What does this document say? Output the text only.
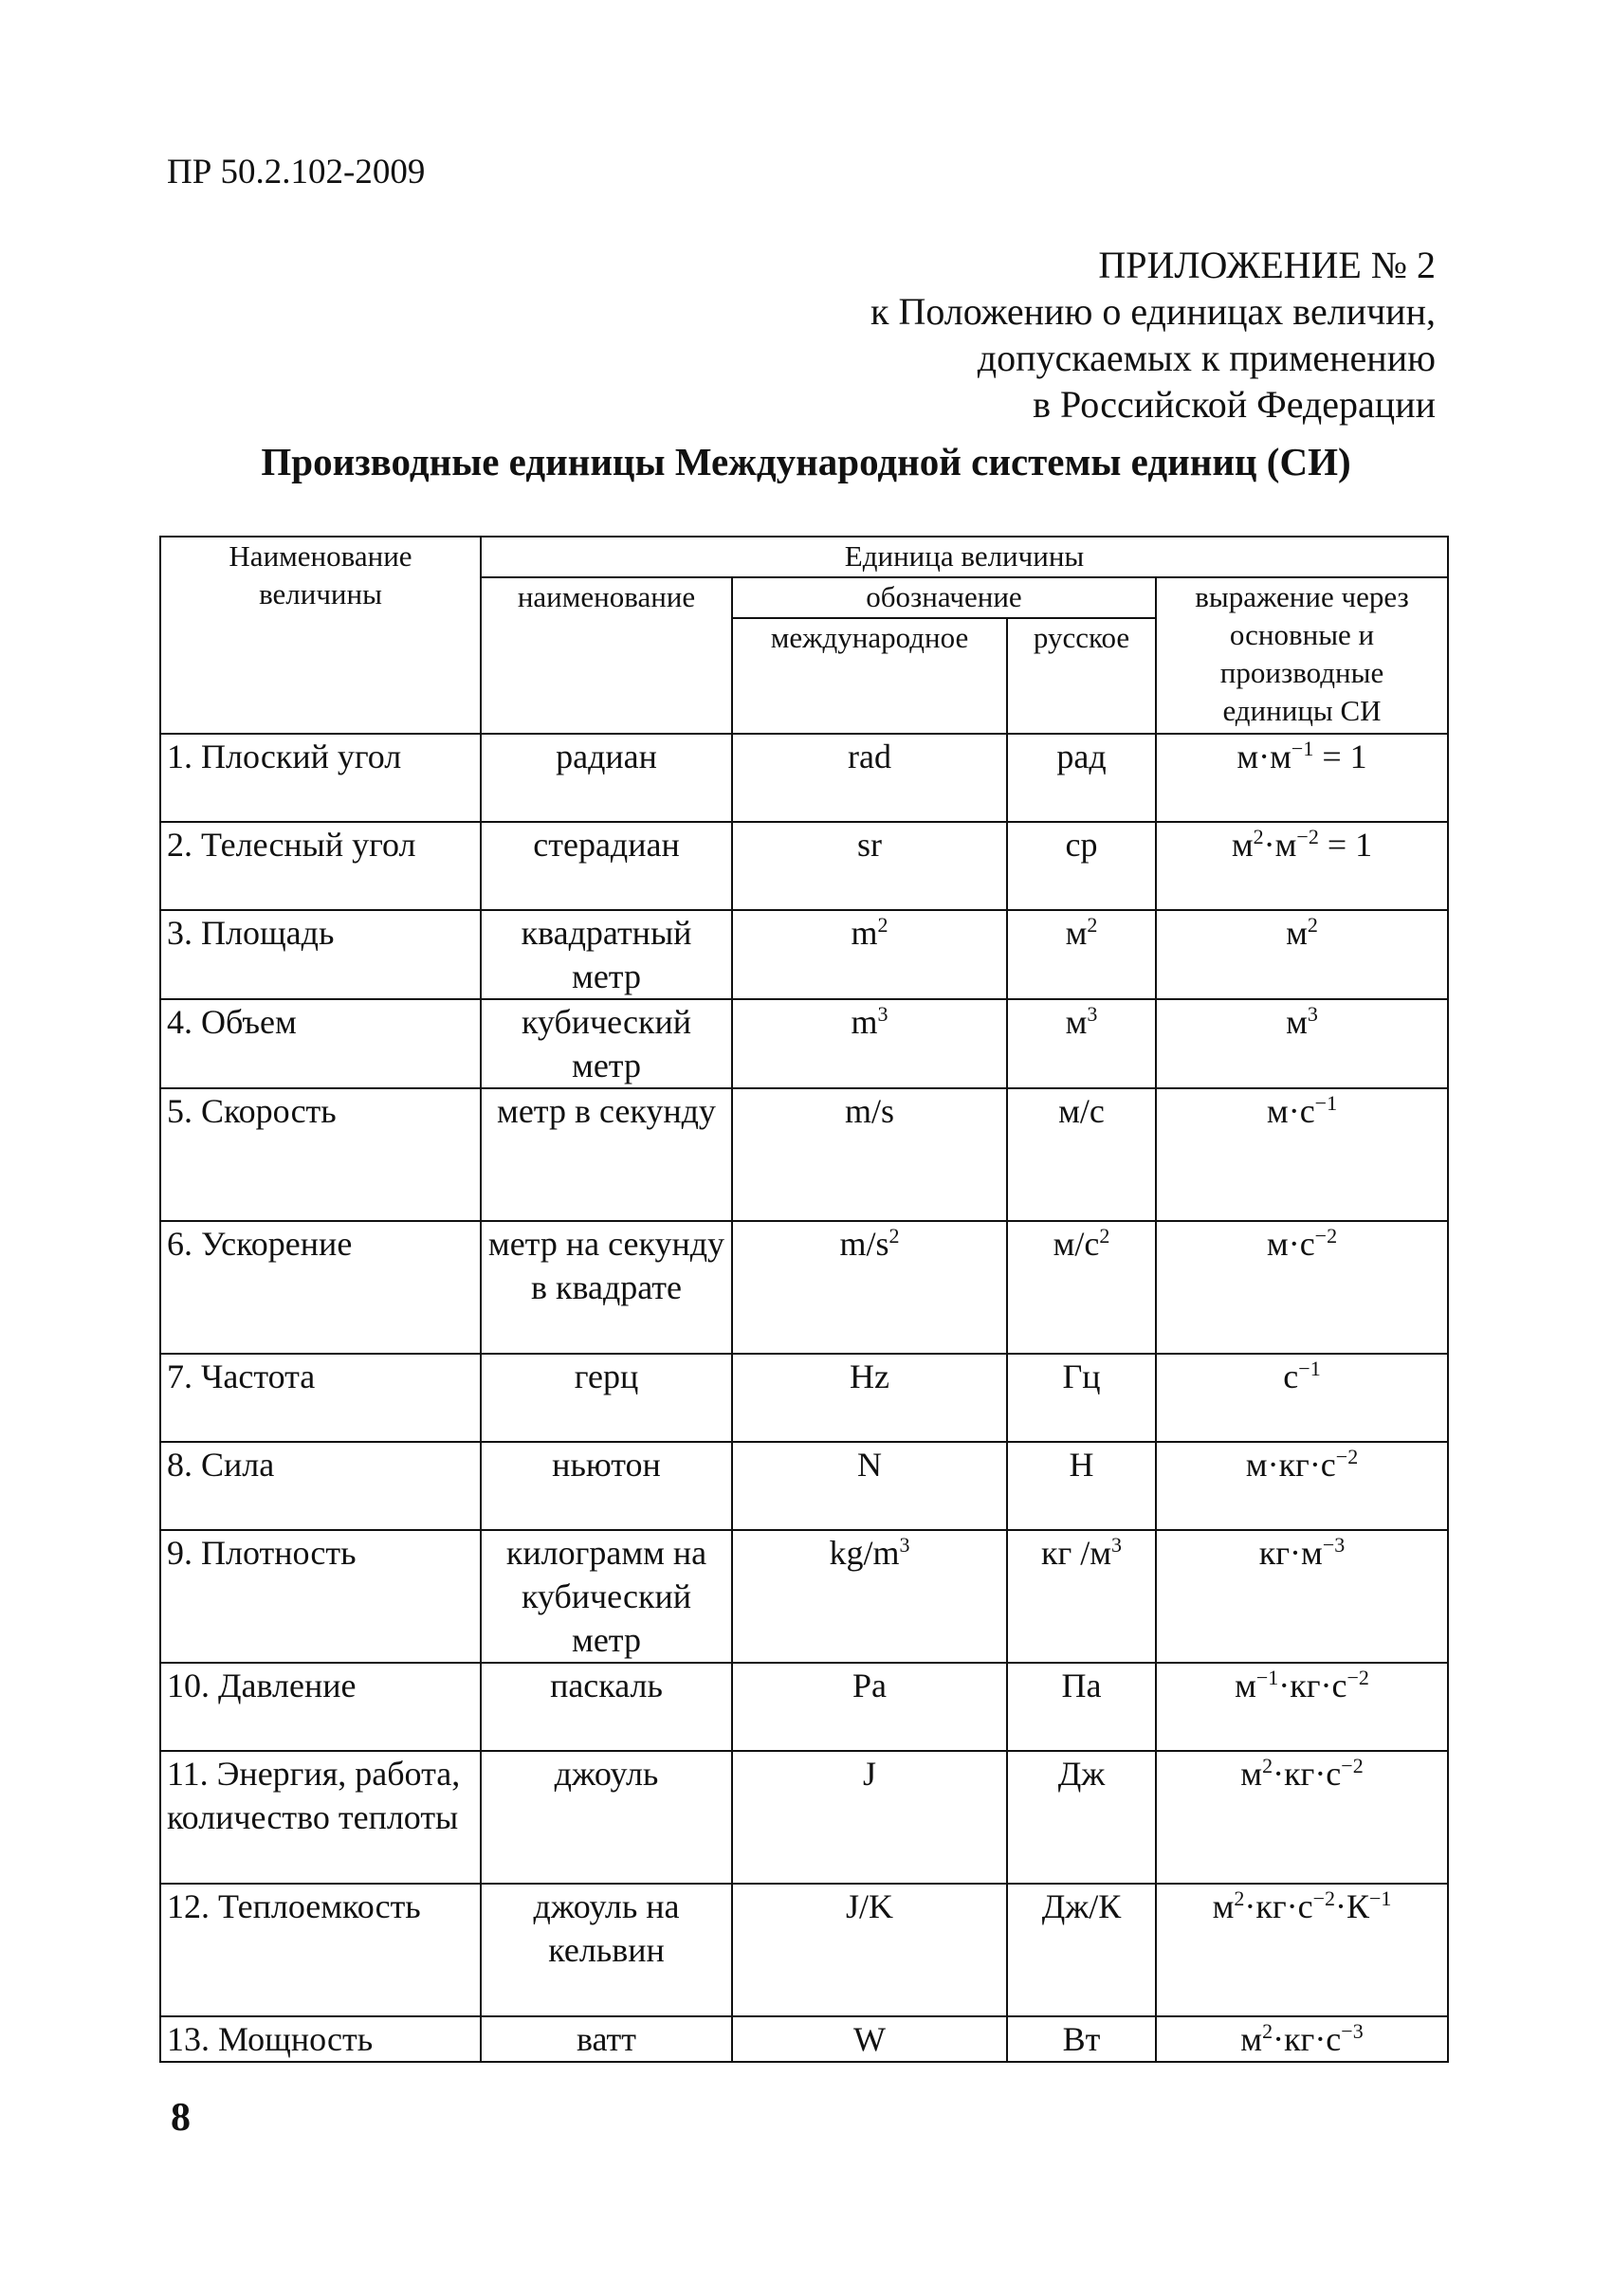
ПР 50.2.102-2009
ПРИЛОЖЕНИЕ № 2
к Положению о единицах величин,
допускаемых к применению
в Российской Федерации
Производные единицы Международной системы единиц (СИ)
Наименование величины	Единица величины			
	наименование	обозначение		выражение через основные и производные единицы СИ
		международное	русское	
1. Плоский угол	радиан	rad	рад	$м\cdot м^{-1} = 1$
2. Телесный угол	стерадиан	sr	ср	$м^2\cdot м^{-2} = 1$
3. Площадь	квадратный метр	$m^2$	$м^2$	$м^2$
4. Объем	кубический метр	$m^3$	$м^3$	$м^3$
5. Скорость	метр в секунду	m/s	м/с	$м\cdot с^{-1}$
6. Ускорение	метр на секунду в квадрате	$m/s^2$	$м/с^2$	$м\cdot с^{-2}$
7. Частота	герц	Hz	Гц	$с^{-1}$
8. Сила	ньютон	N	Н	$м\cdot кг\cdot с^{-2}$
9. Плотность	килограмм на кубический метр	$kg/m^3$	кг $/м^3$	$кг\cdot м^{-3}$
10. Давление	паскаль	Pa	Па	$м^{-1}\cdot кг\cdot с^{-2}$
11. Энергия, работа, количество теплоты	джоуль	J	Дж	$м^2\cdot кг\cdot с^{-2}$
12. Теплоемкость	джоуль на кельвин	J/K	Дж/К	$м^2\cdot кг\cdot с^{-2}\cdot К^{-1}$
13. Мощность	ватт	W	Вт	$м^2\cdot кг\cdot с^{-3}$
8
